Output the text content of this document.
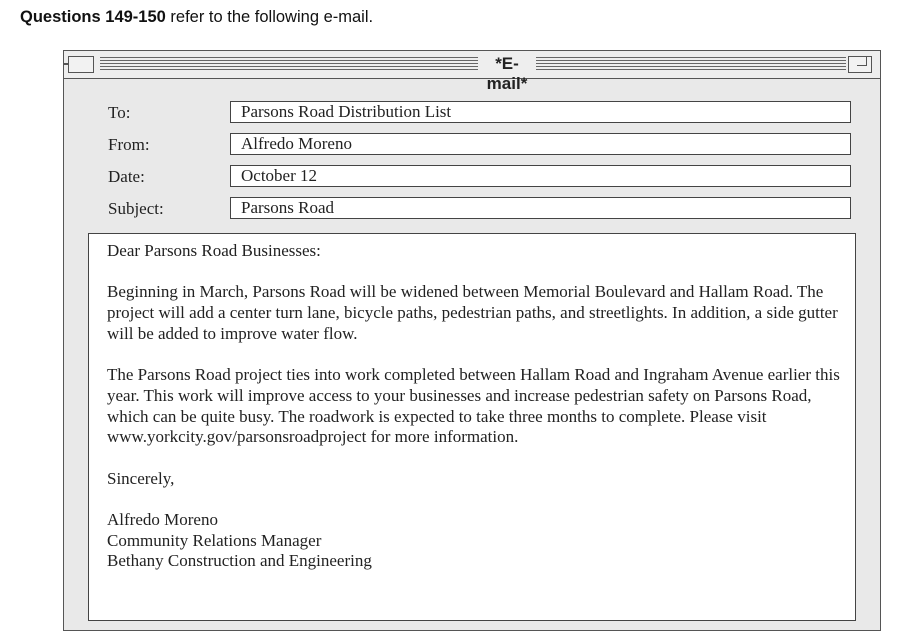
Questions 149-150 refer to the following e-mail.
*E-mail*
To:	Parsons Road Distribution List
From:	Alfredo Moreno
Date:	October 12
Subject:	Parsons Road

Dear Parsons Road Businesses:

Beginning in March, Parsons Road will be widened between Memorial Boulevard and Hallam Road. The project will add a center turn lane, bicycle paths, pedestrian paths, and streetlights. In addition, a side gutter will be added to improve water flow.

The Parsons Road project ties into work completed between Hallam Road and Ingraham Avenue earlier this year. This work will improve access to your businesses and increase pedestrian safety on Parsons Road, which can be quite busy. The roadwork is expected to take three months to complete. Please visit www.yorkcity.gov/parsonsroadproject for more information.

Sincerely,

Alfredo Moreno
Community Relations Manager
Bethany Construction and Engineering
